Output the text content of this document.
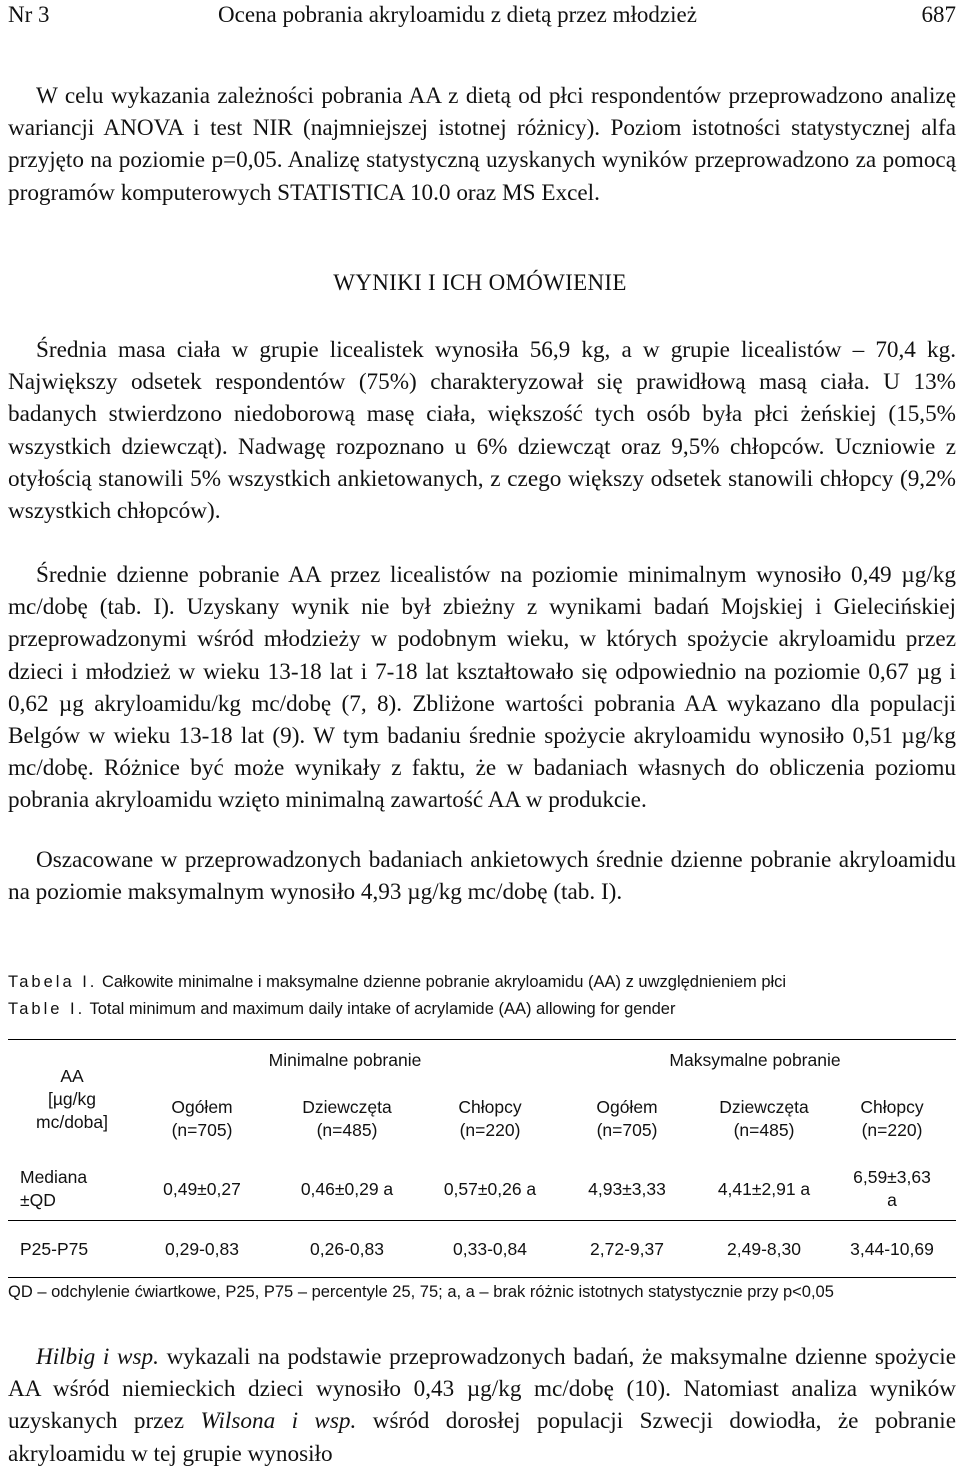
Nr 3	Ocena pobrania akryloamidu z dietą przez młodzież	687

W celu wykazania zależności pobrania AA z dietą od płci respondentów przeprowadzono analizę wariancji ANOVA i test NIR (najmniejszej istotnej różnicy). Poziom istotności statystycznej alfa przyjęto na poziomie p=0,05. Analizę statystyczną uzyskanych wyników przeprowadzono za pomocą programów komputerowych STATISTICA 10.0 oraz MS Excel.

WYNIKI I ICH OMÓWIENIE

Średnia masa ciała w grupie licealistek wynosiła 56,9 kg, a w grupie licealistów – 70,4 kg. Największy odsetek respondentów (75%) charakteryzował się prawidłową masą ciała. U 13% badanych stwierdzono niedoborową masę ciała, większość tych osób była płci żeńskiej (15,5% wszystkich dziewcząt). Nadwagę rozpoznano u 6% dziewcząt oraz 9,5% chłopców. Uczniowie z otyłością stanowili 5% wszystkich ankietowanych, z czego większy odsetek stanowili chłopcy (9,2% wszystkich chłopców).

Średnie dzienne pobranie AA przez licealistów na poziomie minimalnym wynosiło 0,49 µg/kg mc/dobę (tab. I). Uzyskany wynik nie był zbieżny z wynikami badań Mojskiej i Gielecińskiej przeprowadzonymi wśród młodzieży w podobnym wieku, w których spożycie akryloamidu przez dzieci i młodzież w wieku 13-18 lat i 7-18 lat kształtowało się odpowiednio na poziomie 0,67 µg i 0,62 µg akryloamidu/kg mc/dobę (7, 8). Zbliżone wartości pobrania AA wykazano dla populacji Belgów w wieku 13-18 lat (9). W tym badaniu średnie spożycie akryloamidu wynosiło 0,51 µg/kg mc/dobę. Różnice być może wynikały z faktu, że w badaniach własnych do obliczenia poziomu pobrania akryloamidu wzięto minimalną zawartość AA w produkcie.

Oszacowane w przeprowadzonych badaniach ankietowych średnie dzienne pobranie akryloamidu na poziomie maksymalnym wynosiło 4,93 µg/kg mc/dobę (tab. I).

Tabela I. Całkowite minimalne i maksymalne dzienne pobranie akryloamidu (AA) z uwzględnieniem płci
Table I. Total minimum and maximum daily intake of acrylamide (AA) allowing for gender
AA
[µg/kg
mc/doba]	Minimalne pobranie			Maksymalne pobranie		
	Ogółem
(n=705)	Dziewczęta
(n=485)	Chłopcy
(n=220)	Ogółem
(n=705)	Dziewczęta
(n=485)	Chłopcy
(n=220)
Mediana
±QD	0,49±0,27	0,46±0,29 a	0,57±0,26 a	4,93±3,33	4,41±2,91 a	6,59±3,63
a
P25-P75	0,29-0,83	0,26-0,83	0,33-0,84	2,72-9,37	2,49-8,30	3,44-10,69
QD – odchylenie ćwiartkowe, P25, P75 – percentyle 25, 75; a, a – brak różnic istotnych statystycznie przy p<0,05

Hilbig i wsp. wykazali na podstawie przeprowadzonych badań, że maksymalne dzienne spożycie AA wśród niemieckich dzieci wynosiło 0,43 µg/kg mc/dobę (10). Natomiast analiza wyników uzyskanych przez Wilsona i wsp. wśród dorosłej populacji Szwecji dowiodła, że pobranie akryloamidu w tej grupie wynosiło
